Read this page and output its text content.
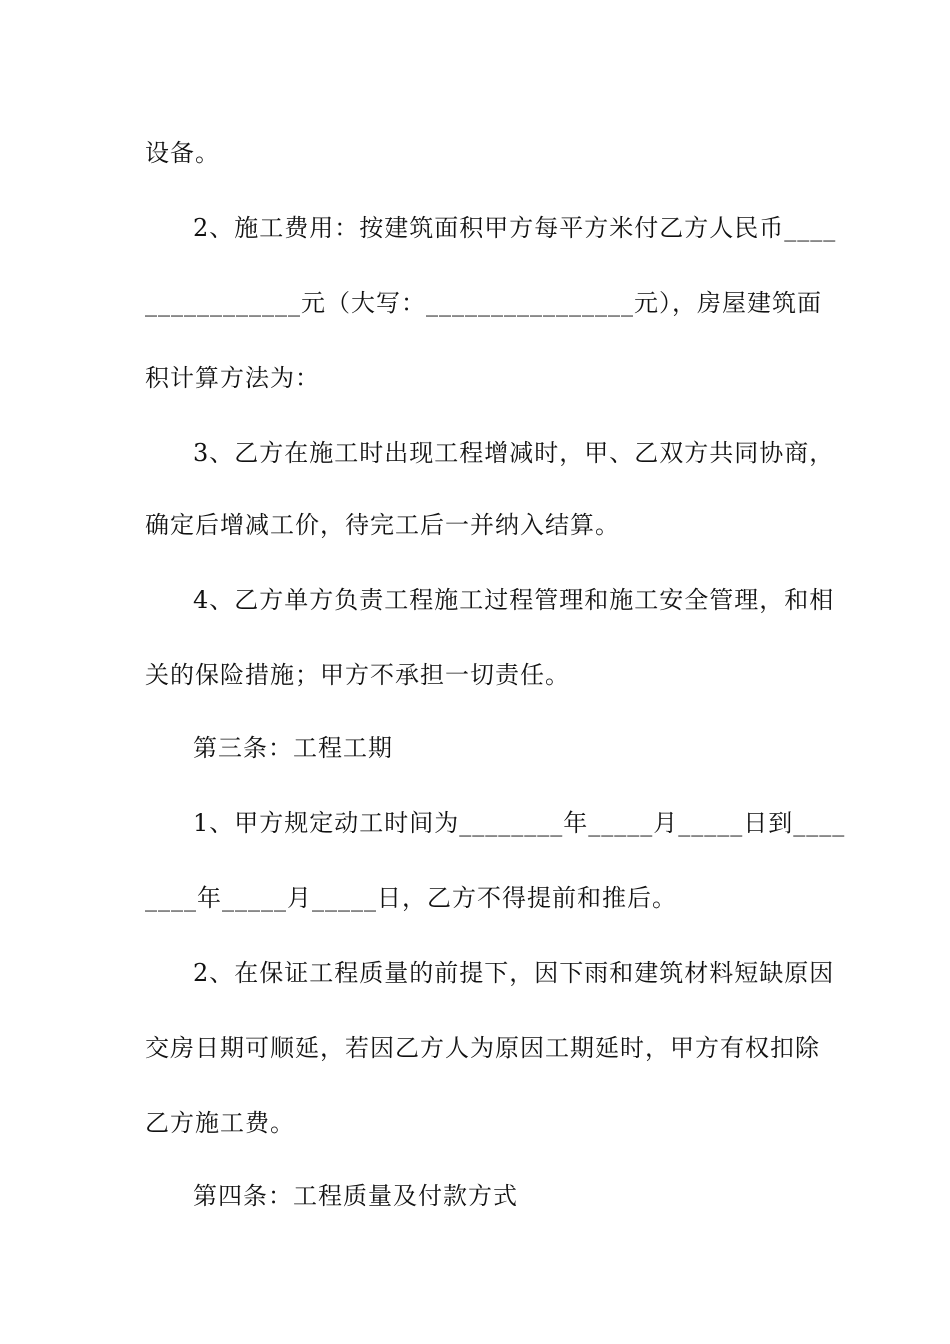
设备。
2、施工费用：按建筑面积甲方每平方米付乙方人民币____
____________元（大写：________________元），房屋建筑面
积计算方法为：
3、乙方在施工时出现工程增减时，甲、乙双方共同协商，
确定后增减工价，待完工后一并纳入结算。
4、乙方单方负责工程施工过程管理和施工安全管理，和相
关的保险措施；甲方不承担一切责任。
第三条：工程工期
1、甲方规定动工时间为________年_____月_____日到____
____年_____月_____日，乙方不得提前和推后。
2、在保证工程质量的前提下，因下雨和建筑材料短缺原因
交房日期可顺延，若因乙方人为原因工期延时，甲方有权扣除
乙方施工费。
第四条：工程质量及付款方式
